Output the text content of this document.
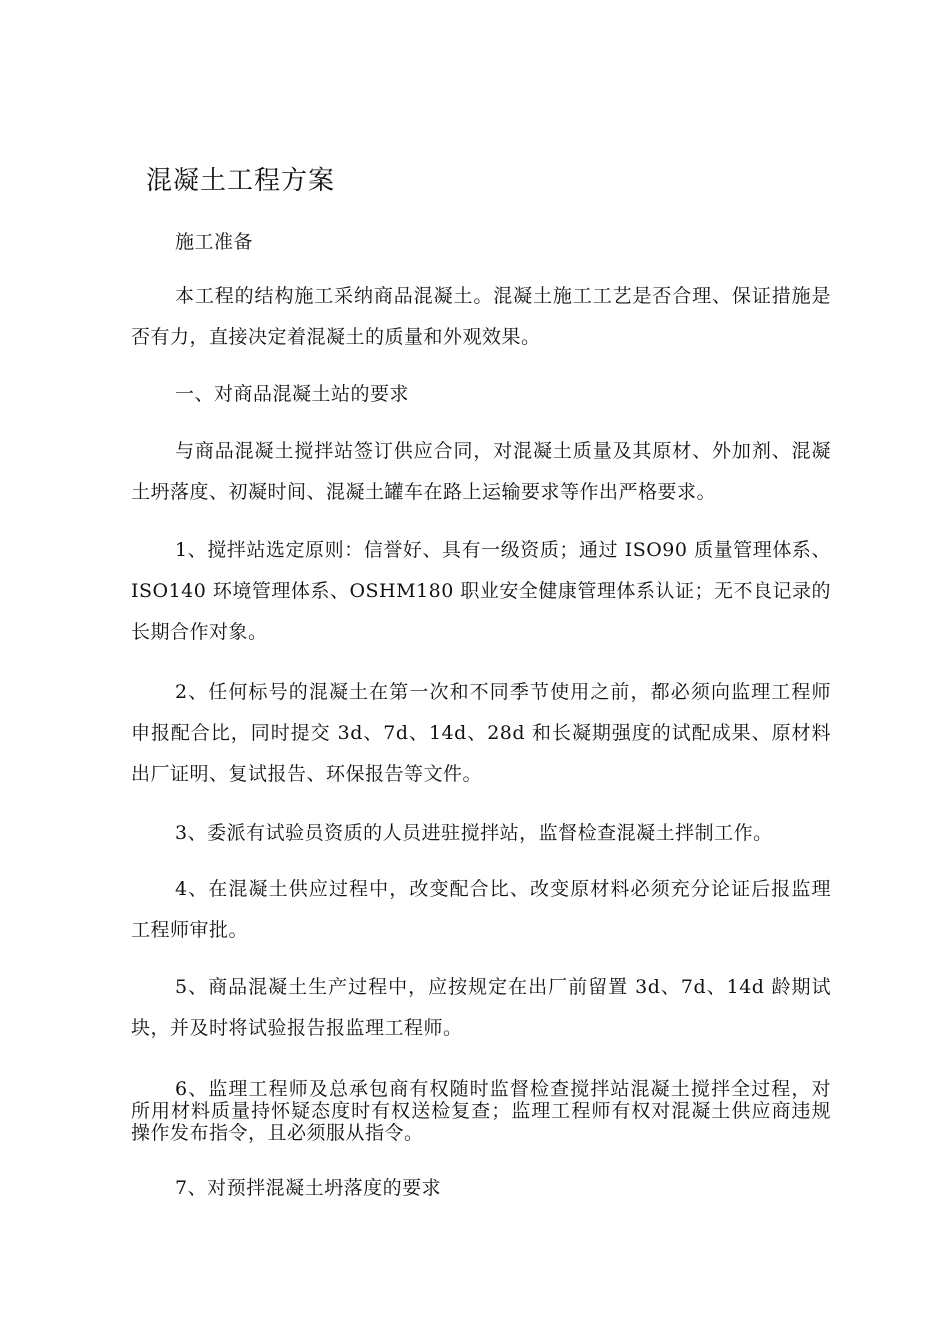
混凝土工程方案
施工准备
本工程的结构施工采纳商品混凝土。混凝土施工工艺是否合理、保证措施是否有力，直接决定着混凝土的质量和外观效果。
一、对商品混凝土站的要求
与商品混凝土搅拌站签订供应合同，对混凝土质量及其原材、外加剂、混凝土坍落度、初凝时间、混凝土罐车在路上运输要求等作出严格要求。
1、搅拌站选定原则：信誉好、具有一级资质；通过 ISO90 质量管理体系、ISO140 环境管理体系、OSHM180 职业安全健康管理体系认证；无不良记录的长期合作对象。
2、任何标号的混凝土在第一次和不同季节使用之前，都必须向监理工程师申报配合比，同时提交 3d、7d、14d、28d 和长凝期强度的试配成果、原材料出厂证明、复试报告、环保报告等文件。
3、委派有试验员资质的人员进驻搅拌站，监督检查混凝土拌制工作。
4、在混凝土供应过程中，改变配合比、改变原材料必须充分论证后报监理工程师审批。
5、商品混凝土生产过程中，应按规定在出厂前留置 3d、7d、14d 龄期试块，并及时将试验报告报监理工程师。
6、监理工程师及总承包商有权随时监督检查搅拌站混凝土搅拌全过程，对所用材料质量持怀疑态度时有权送检复查；监理工程师有权对混凝土供应商违规操作发布指令，且必须服从指令。
7、对预拌混凝土坍落度的要求
